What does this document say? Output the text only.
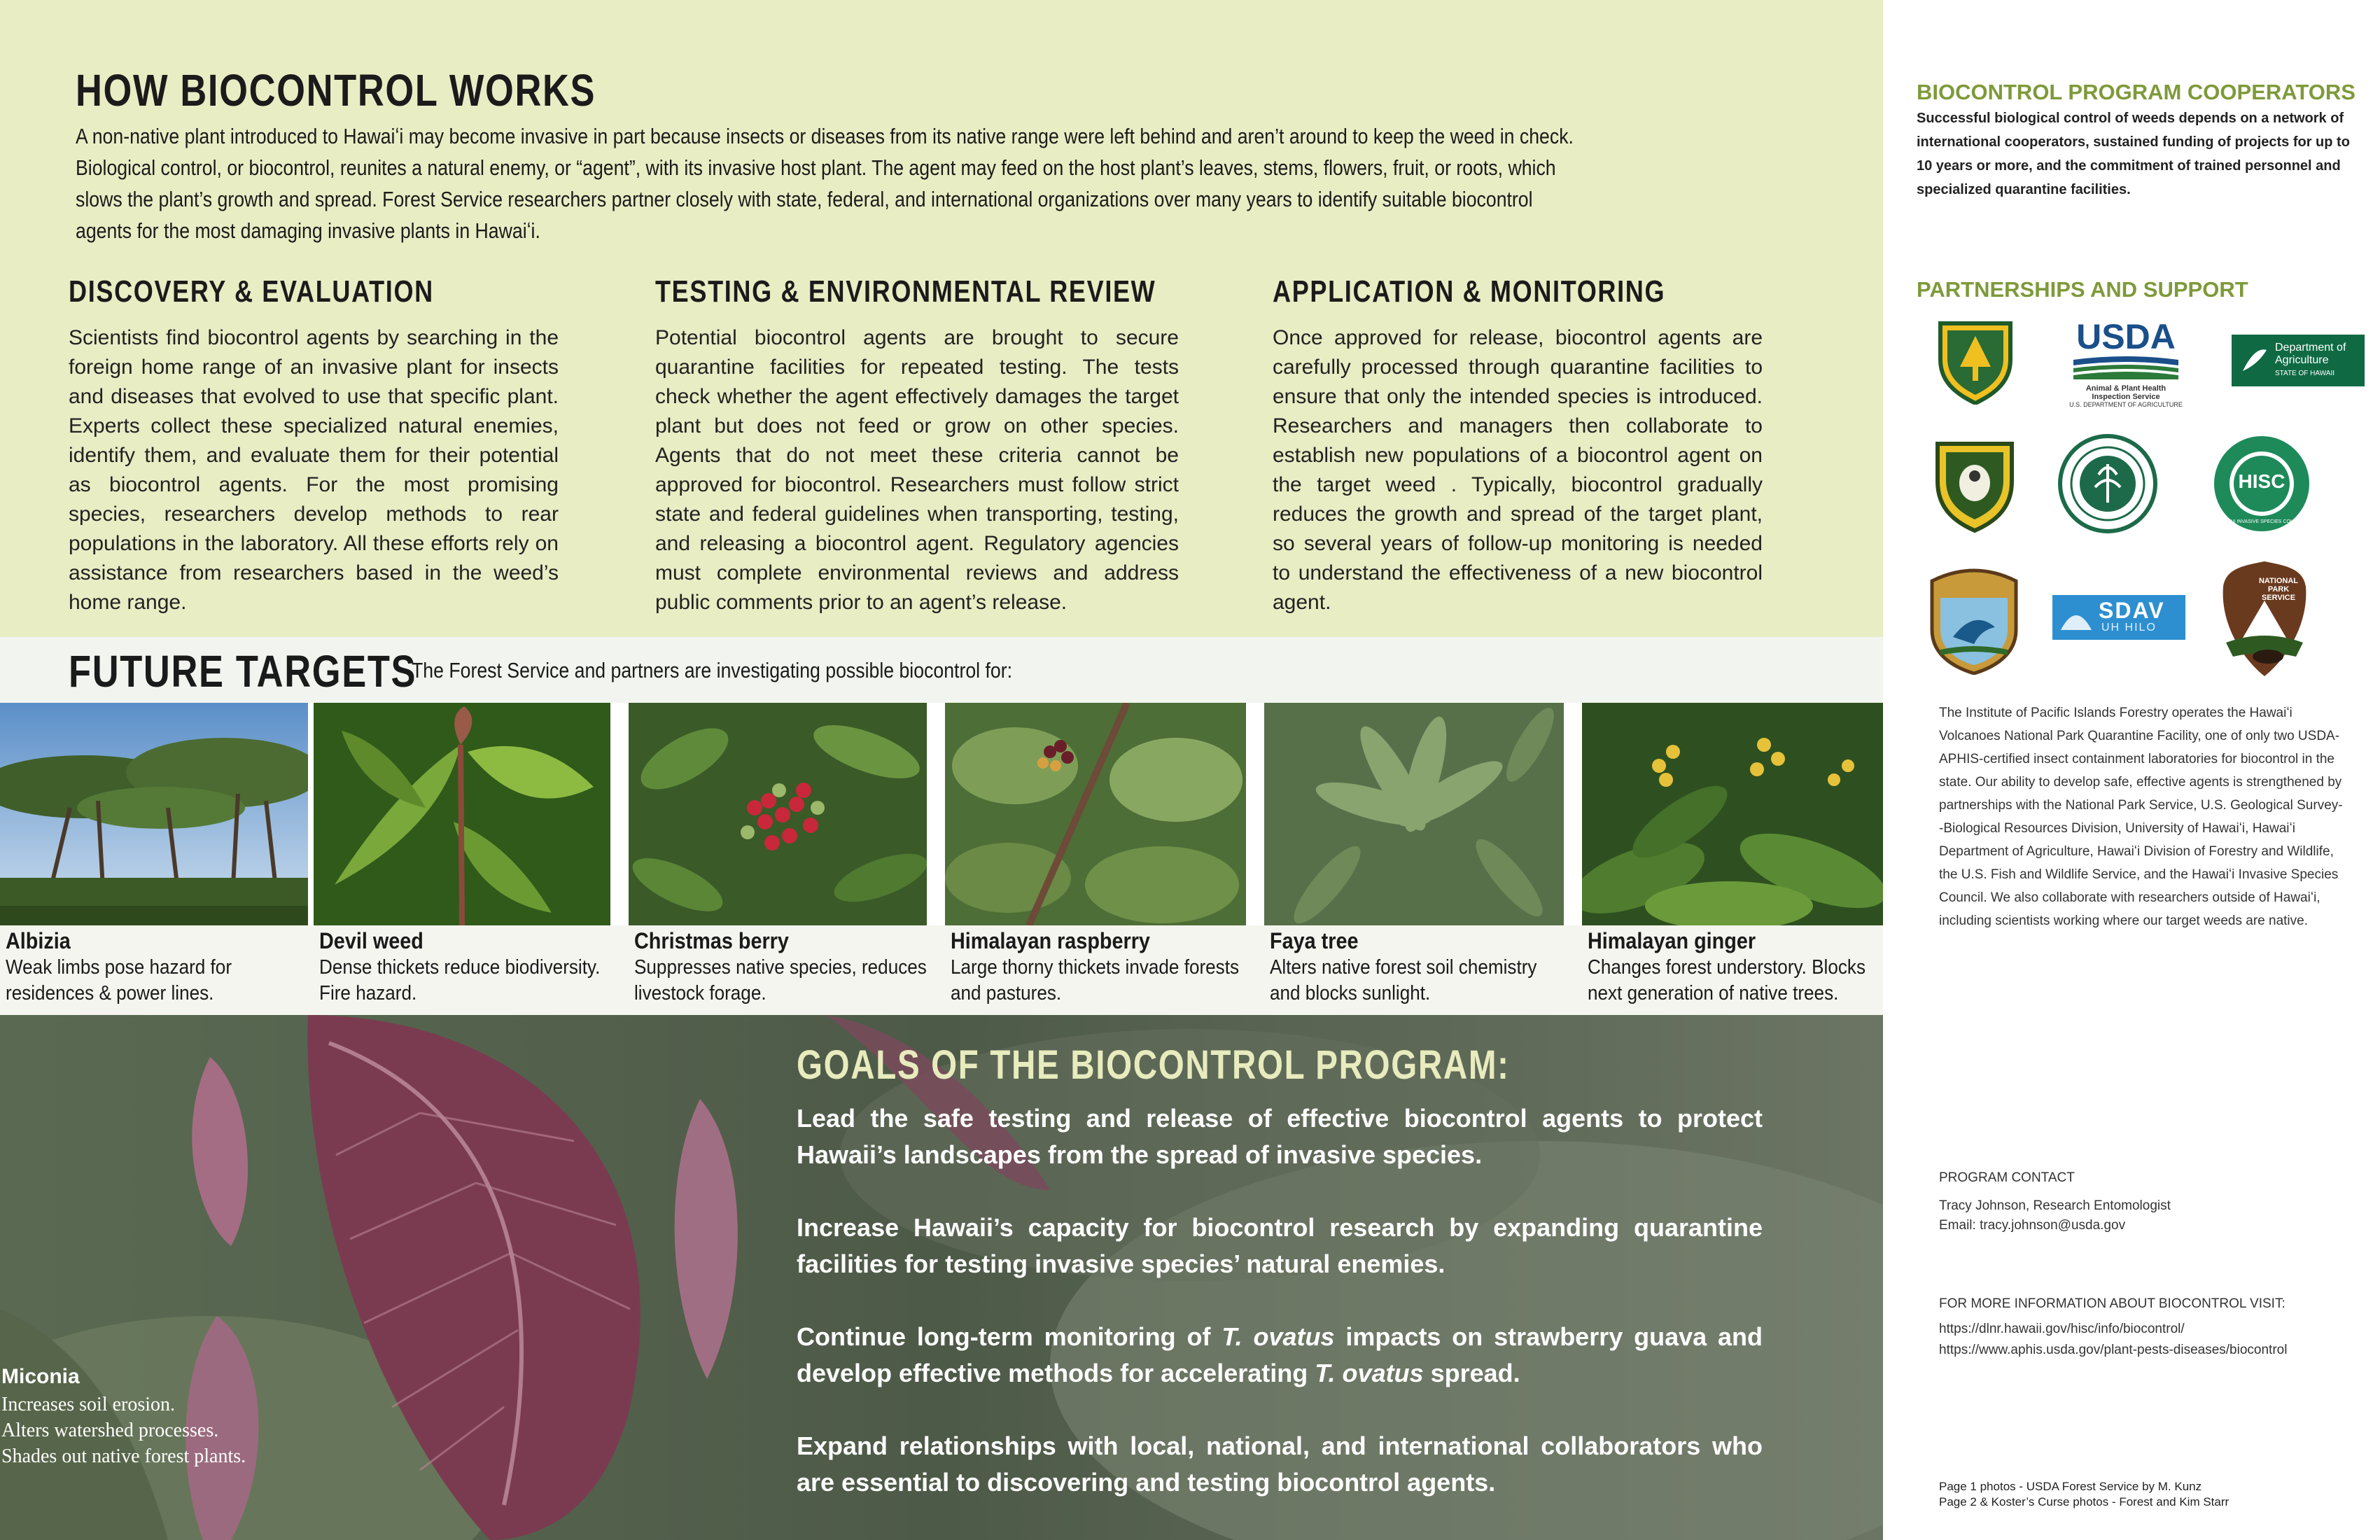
HOW BIOCONTROL WORKS
A non-native plant introduced to Hawaiʻi may become invasive in part because insects or diseases from its native range were left behind and aren’t around to keep the weed in check. Biological control, or biocontrol, reunites a natural enemy, or “agent”, with its invasive host plant. The agent may feed on the host plant’s leaves, stems, flowers, fruit, or roots, which slows the plant’s growth and spread. Forest Service researchers partner closely with state, federal, and international organizations over many years to identify suitable biocontrol agents for the most damaging invasive plants in Hawaiʻi.
DISCOVERY & EVALUATION

Scientists find biocontrol agents by searching in the foreign home range of an invasive plant for insects and diseases that evolved to use that specific plant. Experts collect these specialized natural enemies, identify them, and evaluate them for their potential as biocontrol agents. For the most promising species, researchers develop methods to rear populations in the laboratory. All these efforts rely on assistance from researchers based in the weed’s home range.

TESTING & ENVIRONMENTAL REVIEW

Potential biocontrol agents are brought to secure quarantine facilities for repeated testing. The tests check whether the agent effectively damages the target plant but does not feed or grow on other species. Agents that do not meet these criteria cannot be approved for biocontrol. Researchers must follow strict state and federal guidelines when transporting, testing, and releasing a biocontrol agent. Regulatory agencies must complete environmental reviews and address public comments prior to an agent’s release.

APPLICATION & MONITORING

Once approved for release, biocontrol agents are carefully processed through quarantine facilities to ensure that only the intended species is introduced. Researchers and managers then collaborate to establish new populations of a biocontrol agent on the target weed . Typically, biocontrol gradually reduces the growth and spread of the target plant, so several years of follow-up monitoring is needed to understand the effectiveness of a new biocontrol agent.

FUTURE TARGETS
The Forest Service and partners are investigating possible biocontrol for:
Albizia
Weak limbs pose hazard for residences & power lines.
Devil weed
Dense thickets reduce biodiversity. Fire hazard.
Christmas berry
Suppresses native species, reduces livestock forage.
Himalayan raspberry
Large thorny thickets invade forests and pastures.
Faya tree
Alters native forest soil chemistry and blocks sunlight.
Himalayan ginger
Changes forest understory. Blocks next generation of native trees.
GOALS OF THE BIOCONTROL PROGRAM:
Lead the safe testing and release of effective biocontrol agents to protect Hawaii’s landscapes from the spread of invasive species.
Increase Hawaii’s capacity for biocontrol research by expanding quarantine facilities for testing invasive species’ natural enemies.
Continue long-term monitoring of T. ovatus impacts on strawberry guava and develop effective methods for accelerating T. ovatus spread.
Expand relationships with local, national, and international collaborators who are essential to discovering and testing biocontrol agents.
Miconia
Increases soil erosion.
Alters watershed processes.
Shades out native forest plants.
BIOCONTROL PROGRAM COOPERATORS
Successful biological control of weeds depends on a network of international cooperators, sustained funding of projects for up to 10 years or more, and the commitment of trained personnel and specialized quarantine facilities.
PARTNERSHIPS AND SUPPORT
USDA
Animal & Plant Health Inspection Service
U.S. DEPARTMENT OF AGRICULTURE
Department of Agriculture
STATE OF HAWAII
HISC
HAWAII INVASIVE SPECIES COUNCIL
SDAV
UH HILO
NATIONAL PARK SERVICE
The Institute of Pacific Islands Forestry operates the Hawaiʻi Volcanoes National Park Quarantine Facility, one of only two USDA-APHIS-certified insect containment laboratories for biocontrol in the state. Our ability to develop safe, effective agents is strengthened by partnerships with the National Park Service, U.S. Geological Survey--Biological Resources Division, University of Hawaiʻi, Hawaiʻi Department of Agriculture, Hawaiʻi Division of Forestry and Wildlife, the U.S. Fish and Wildlife Service, and the Hawaiʻi Invasive Species Council. We also collaborate with researchers outside of Hawaiʻi, including scientists working where our target weeds are native.
PROGRAM CONTACT
Tracy Johnson, Research Entomologist
Email: tracy.johnson@usda.gov
FOR MORE INFORMATION ABOUT BIOCONTROL VISIT:
https://dlnr.hawaii.gov/hisc/info/biocontrol/
https://www.aphis.usda.gov/plant-pests-diseases/biocontrol
Page 1 photos - USDA Forest Service by M. Kunz
Page 2 & Koster’s Curse photos - Forest and Kim Starr
